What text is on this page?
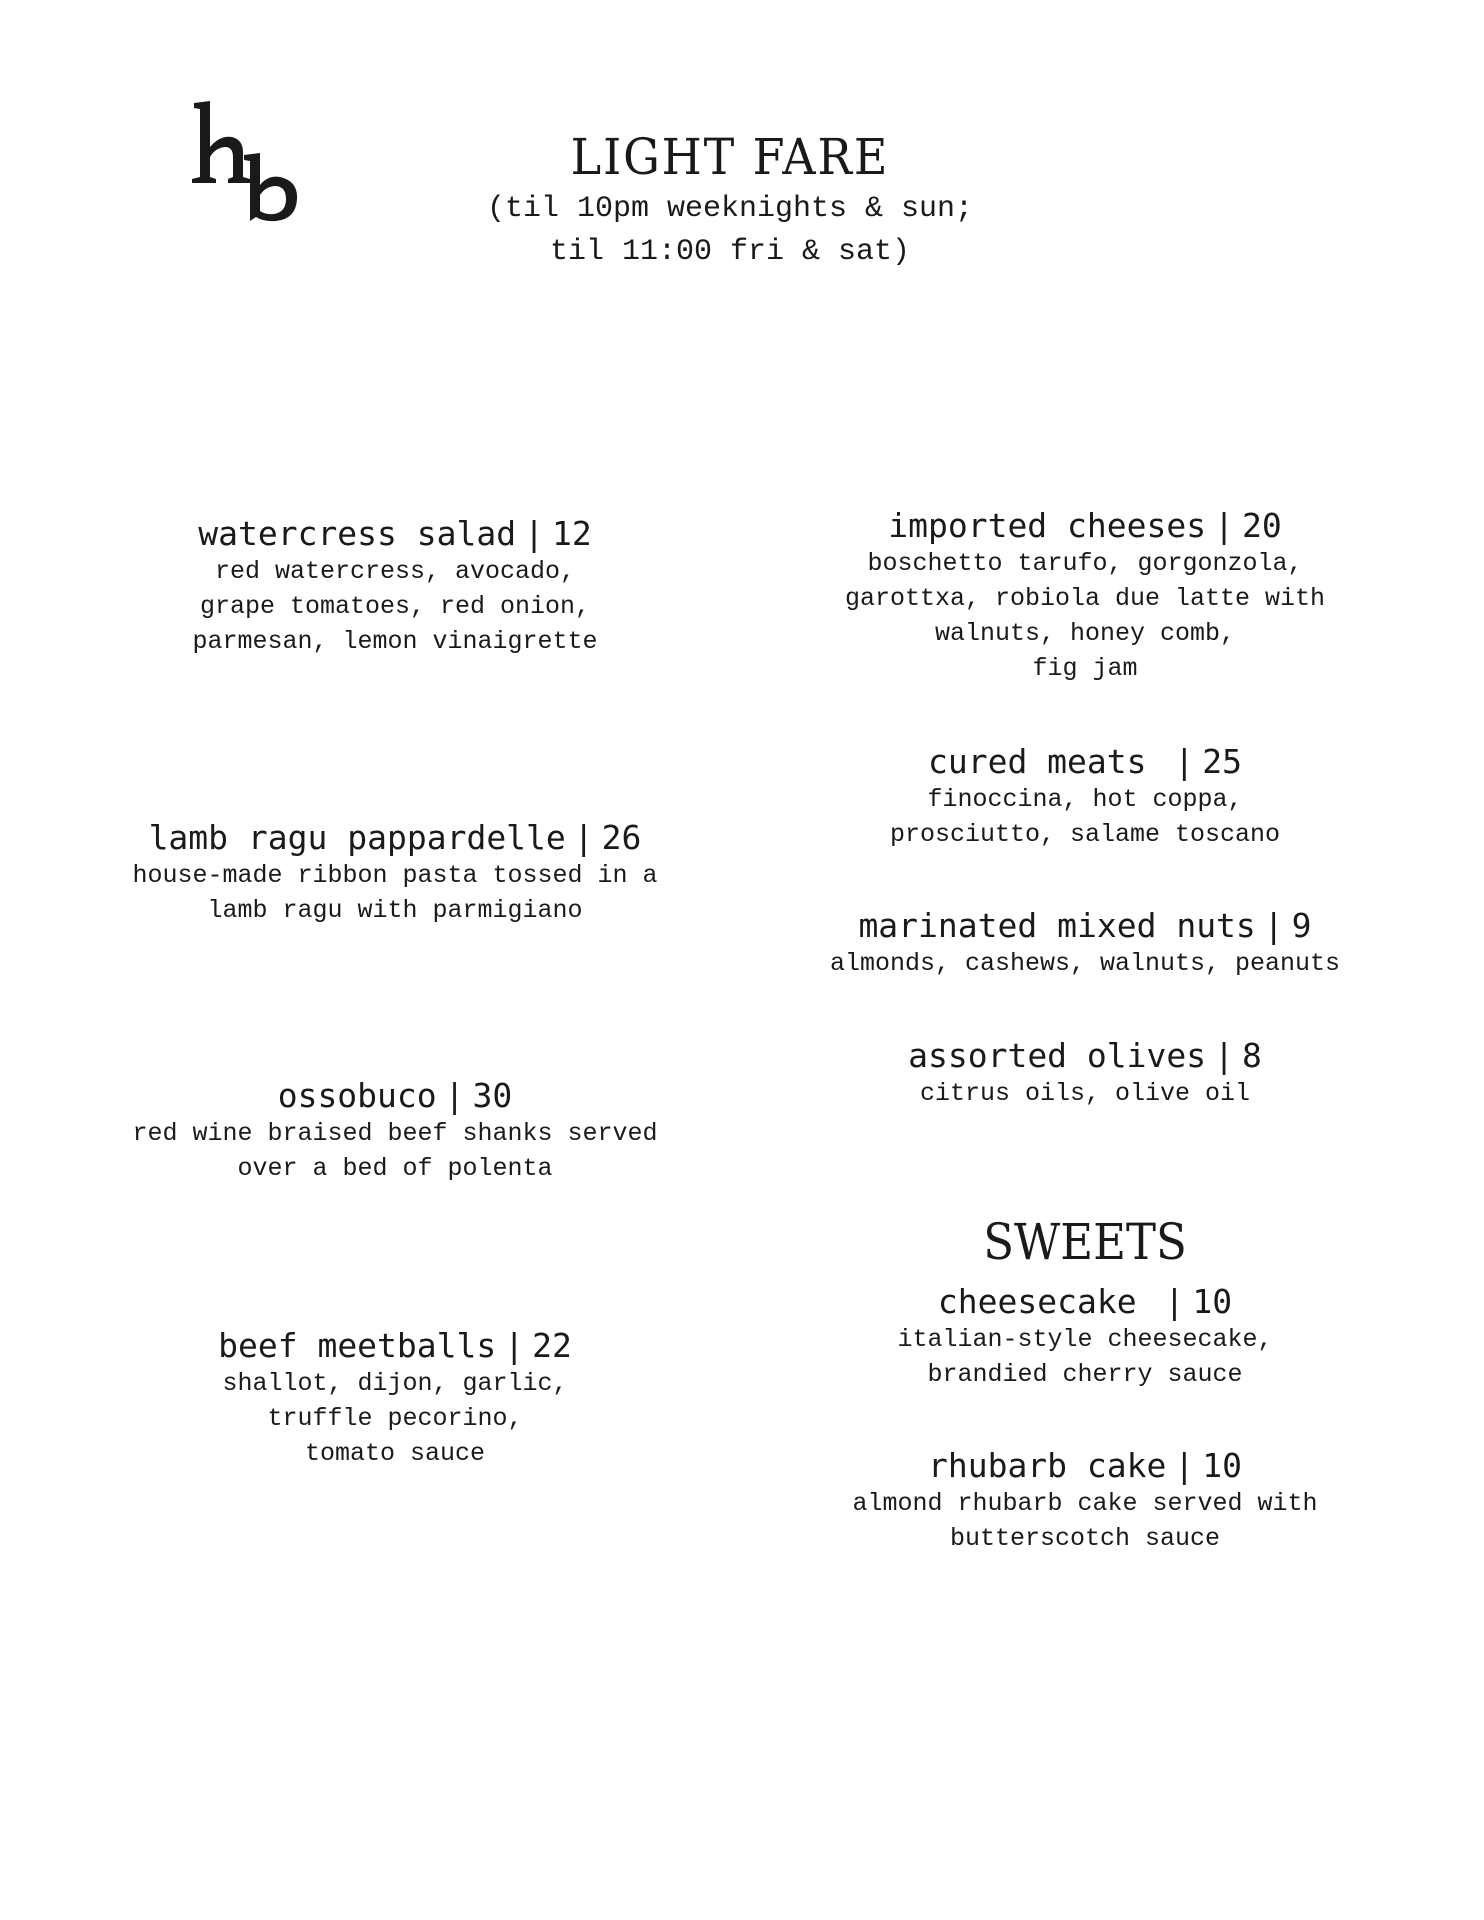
LIGHT FARE
(til 10pm weeknights & sun;
til 11:00 fri & sat)
watercress salad | 12
red watercress, avocado,
grape tomatoes, red onion,
parmesan, lemon vinaigrette
lamb ragu pappardelle | 26
house-made ribbon pasta tossed in a
lamb ragu with parmigiano
ossobuco | 30
red wine braised beef shanks served
over a bed of polenta
beef meetballs | 22
shallot, dijon, garlic,
truffle pecorino,
tomato sauce
imported cheeses | 20
boschetto tarufo, gorgonzola,
garottxa, robiola due latte with
walnuts, honey comb,
fig jam
cured meats | 25
finoccina, hot coppa,
prosciutto, salame toscano
marinated mixed nuts | 9
almonds, cashews, walnuts, peanuts
assorted olives | 8
citrus oils, olive oil
SWEETS
cheesecake | 10
italian-style cheesecake,
brandied cherry sauce
rhubarb cake | 10
almond rhubarb cake served with
butterscotch sauce
